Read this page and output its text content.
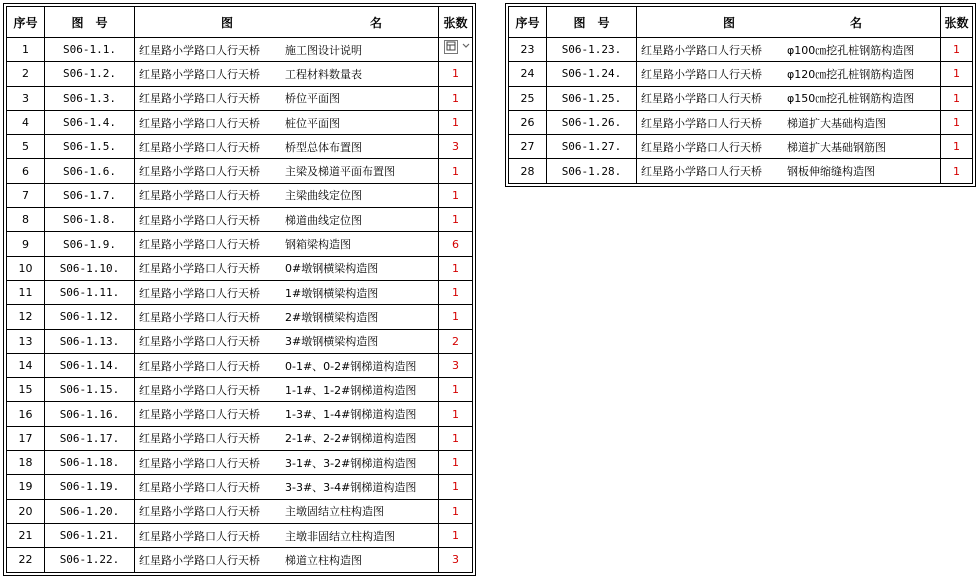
序号	图　号	图 名	张数
1	S06-1.1.	红星路小学路口人行天桥 施工图设计说明	
2	S06-1.2.	红星路小学路口人行天桥 工程材料数量表	1
3	S06-1.3.	红星路小学路口人行天桥 桥位平面图	1
4	S06-1.4.	红星路小学路口人行天桥 桩位平面图	1
5	S06-1.5.	红星路小学路口人行天桥 桥型总体布置图	3
6	S06-1.6.	红星路小学路口人行天桥 主梁及梯道平面布置图	1
7	S06-1.7.	红星路小学路口人行天桥 主梁曲线定位图	1
8	S06-1.8.	红星路小学路口人行天桥 梯道曲线定位图	1
9	S06-1.9.	红星路小学路口人行天桥 钢箱梁构造图	6
10	S06-1.10.	红星路小学路口人行天桥 0#墩钢横梁构造图	1
11	S06-1.11.	红星路小学路口人行天桥 1#墩钢横梁构造图	1
12	S06-1.12.	红星路小学路口人行天桥 2#墩钢横梁构造图	1
13	S06-1.13.	红星路小学路口人行天桥 3#墩钢横梁构造图	2
14	S06-1.14.	红星路小学路口人行天桥 0-1#、0-2#钢梯道构造图	3
15	S06-1.15.	红星路小学路口人行天桥 1-1#、1-2#钢梯道构造图	1
16	S06-1.16.	红星路小学路口人行天桥 1-3#、1-4#钢梯道构造图	1
17	S06-1.17.	红星路小学路口人行天桥 2-1#、2-2#钢梯道构造图	1
18	S06-1.18.	红星路小学路口人行天桥 3-1#、3-2#钢梯道构造图	1
19	S06-1.19.	红星路小学路口人行天桥 3-3#、3-4#钢梯道构造图	1
20	S06-1.20.	红星路小学路口人行天桥 主墩固结立柱构造图	1
21	S06-1.21.	红星路小学路口人行天桥 主墩非固结立柱构造图	1
22	S06-1.22.	红星路小学路口人行天桥 梯道立柱构造图	3
序号	图　号	图 名	张数
23	S06-1.23.	红星路小学路口人行天桥 φ100㎝挖孔桩钢筋构造图	1
24	S06-1.24.	红星路小学路口人行天桥 φ120㎝挖孔桩钢筋构造图	1
25	S06-1.25.	红星路小学路口人行天桥 φ150㎝挖孔桩钢筋构造图	1
26	S06-1.26.	红星路小学路口人行天桥 梯道扩大基础构造图	1
27	S06-1.27.	红星路小学路口人行天桥 梯道扩大基础钢筋图	1
28	S06-1.28.	红星路小学路口人行天桥 钢板伸缩缝构造图	1
